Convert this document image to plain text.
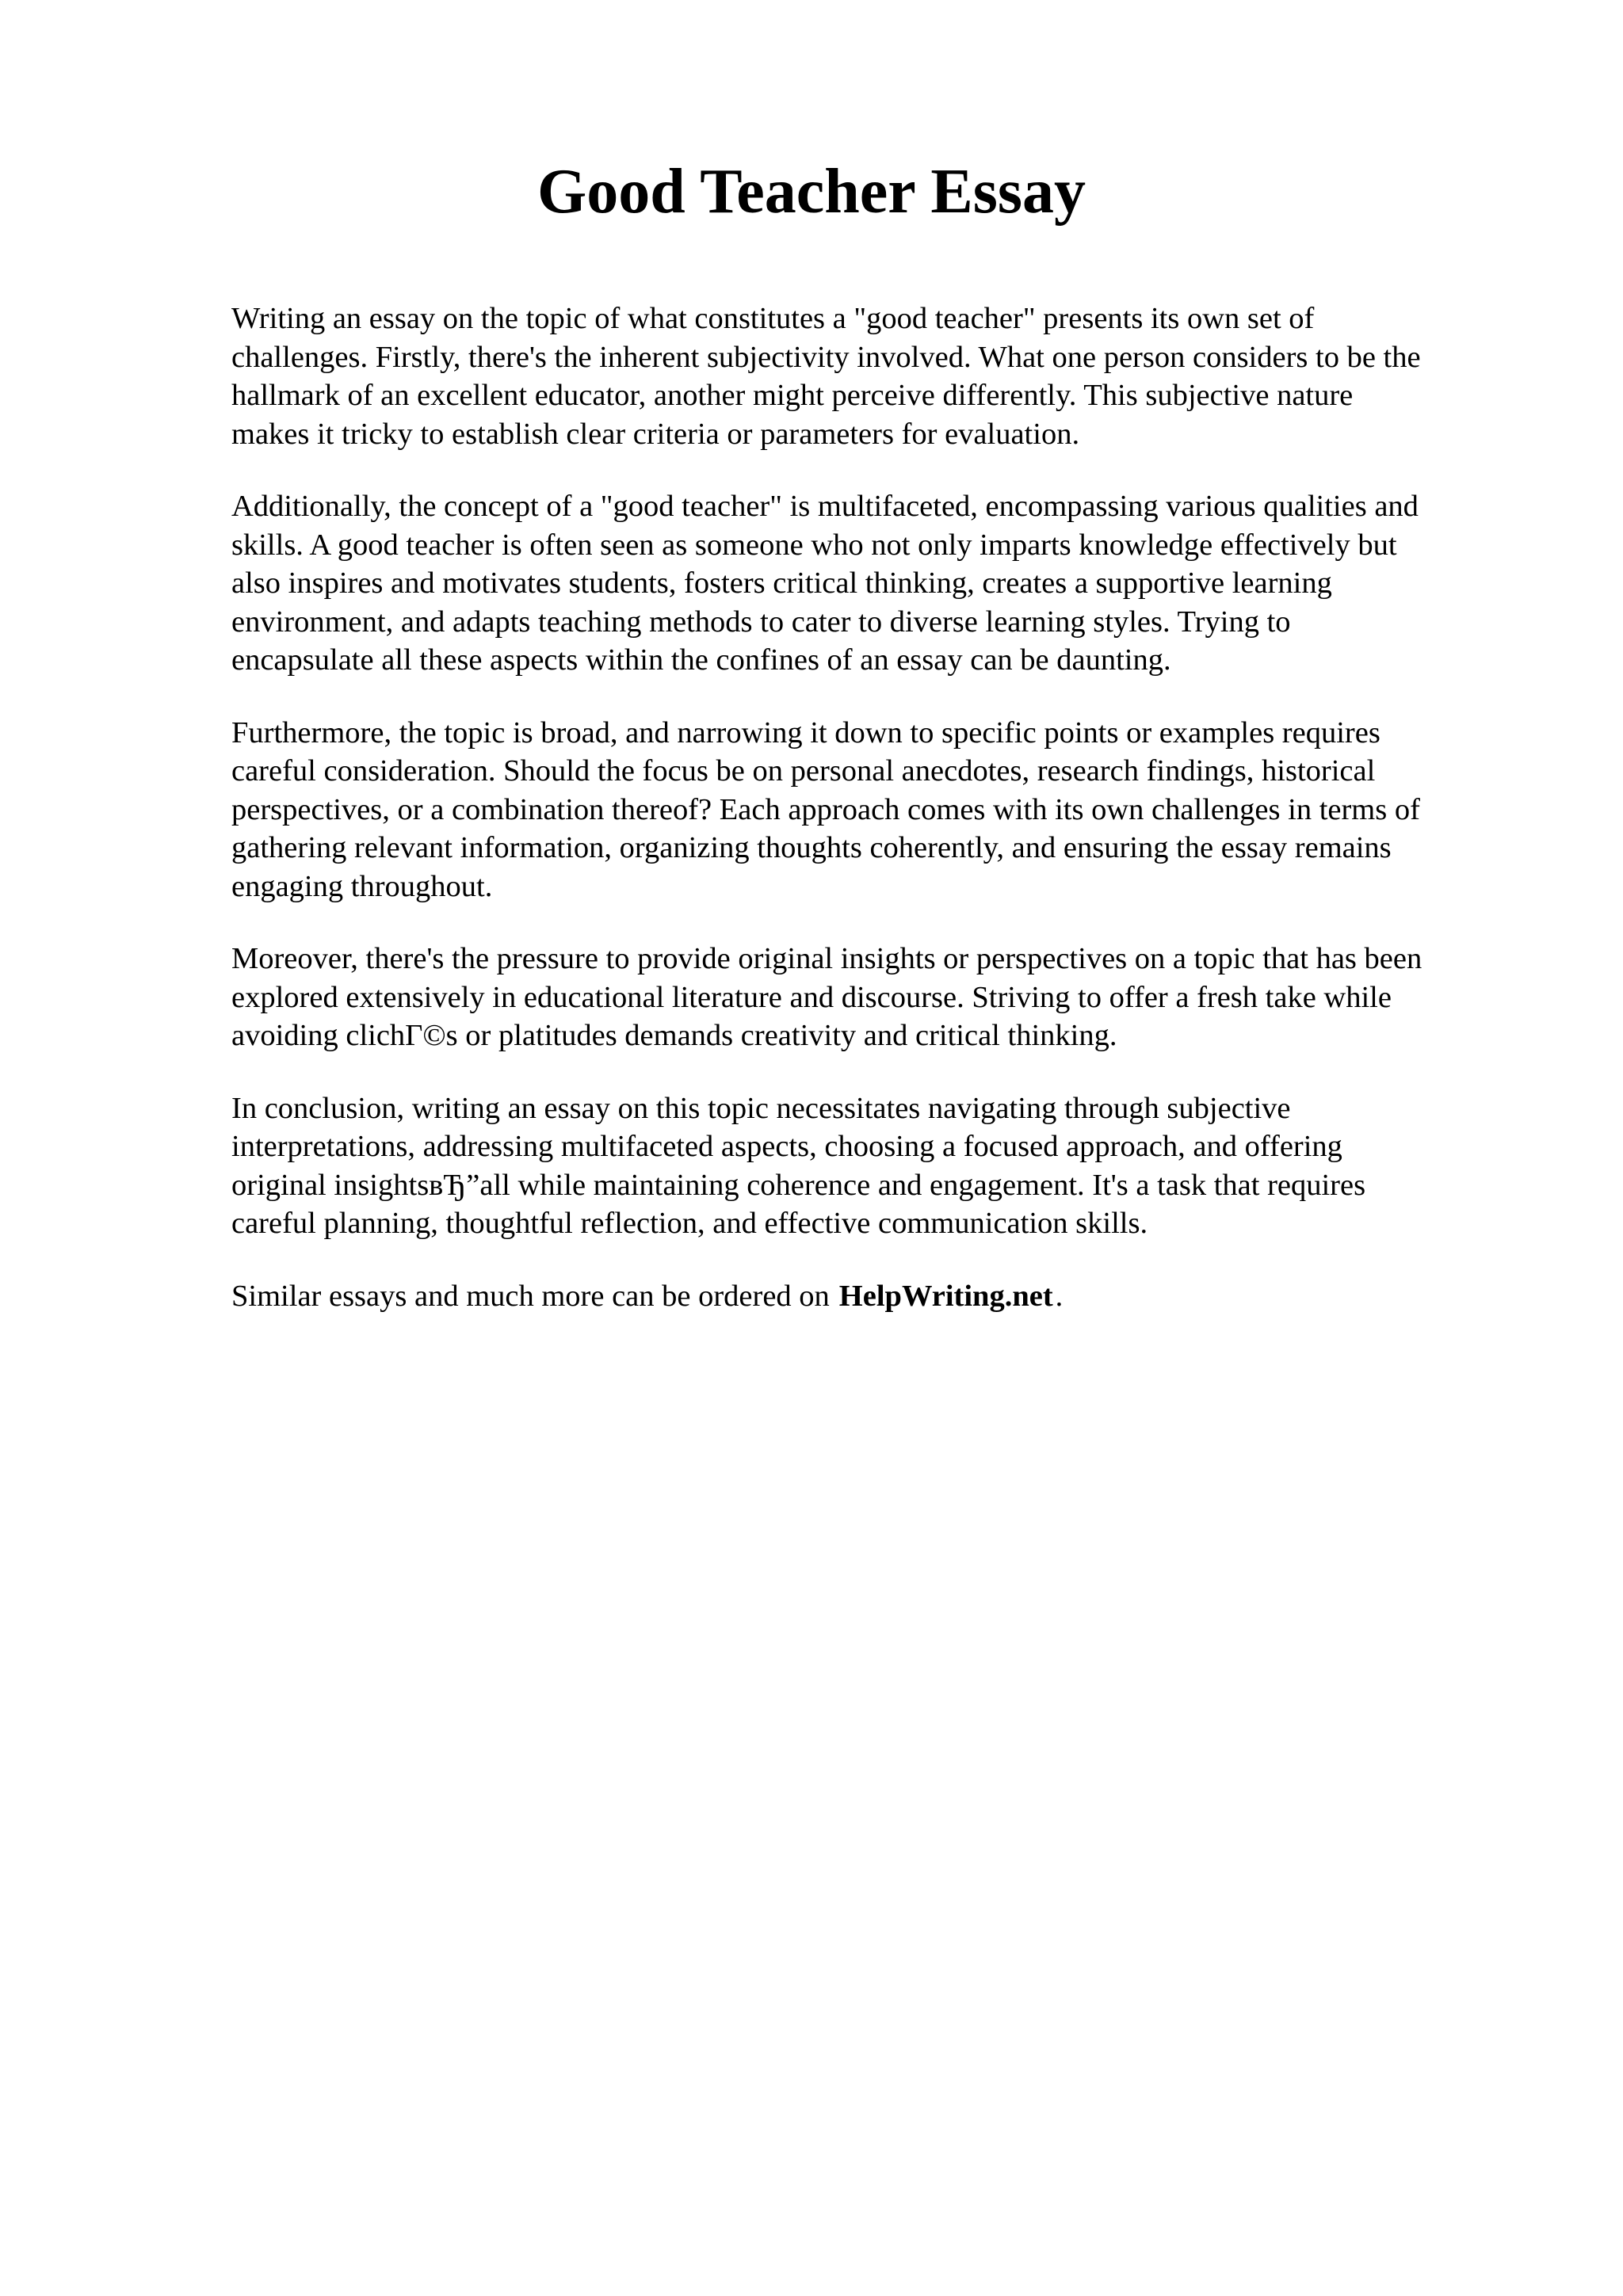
Good Teacher Essay

Writing an essay on the topic of what constitutes a "good teacher" presents its own set of
challenges. Firstly, there's the inherent subjectivity involved. What one person considers to be the
hallmark of an excellent educator, another might perceive differently. This subjective nature
makes it tricky to establish clear criteria or parameters for evaluation.

Additionally, the concept of a "good teacher" is multifaceted, encompassing various qualities and
skills. A good teacher is often seen as someone who not only imparts knowledge effectively but
also inspires and motivates students, fosters critical thinking, creates a supportive learning
environment, and adapts teaching methods to cater to diverse learning styles. Trying to
encapsulate all these aspects within the confines of an essay can be daunting.

Furthermore, the topic is broad, and narrowing it down to specific points or examples requires
careful consideration. Should the focus be on personal anecdotes, research findings, historical
perspectives, or a combination thereof? Each approach comes with its own challenges in terms of
gathering relevant information, organizing thoughts coherently, and ensuring the essay remains
engaging throughout.

Moreover, there's the pressure to provide original insights or perspectives on a topic that has been
explored extensively in educational literature and discourse. Striving to offer a fresh take while
avoiding clichГ©s or platitudes demands creativity and critical thinking.

In conclusion, writing an essay on this topic necessitates navigating through subjective
interpretations, addressing multifaceted aspects, choosing a focused approach, and offering
original insightsвЂ”all while maintaining coherence and engagement. It's a task that requires
careful planning, thoughtful reflection, and effective communication skills.

Similar essays and much more can be ordered on HelpWriting.net.
